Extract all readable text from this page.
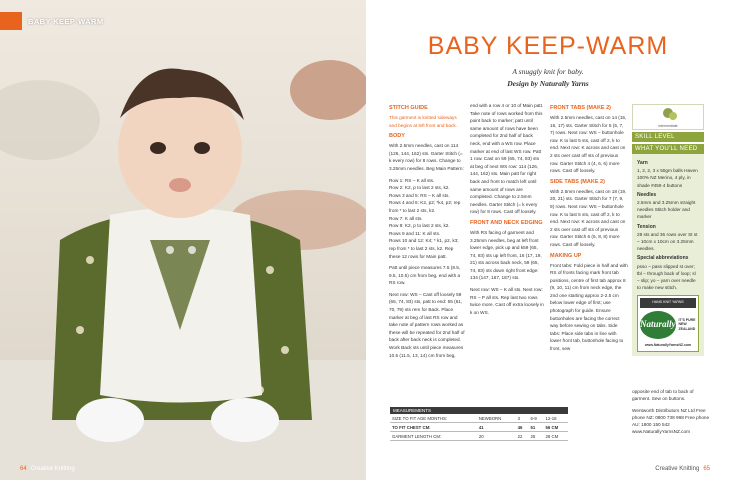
BABY KEEP-WARM
64 Creative Knitting
BABY KEEP-WARM
A snuggly knit for baby.
Design by Naturally Yarns
STITCH GUIDE

This garment is knitted sideways and begins at left front and back.

BODY

With 2.5mm needles, cast on 114 (126, 144, 162) sts. Garter Stitch (= k every row) for 8 rows. Change to 3.25mm needles. Beg Main Pattern:

Row 1: RS – K all sts.
Row 2: K2, p to last 2 sts, k2.
Rows 3 and 5: RS – K all sts.
Rows 4 and 6: K2, p2; *k4, p2; rep from * to last 2 sts, k2.
Row 7: K all sts.
Row 8: K2, p to last 2 sts, k2.
Rows 9 and 11: K all sts.

Rows 10 and 12: K4; * k1, p2, k3; rep from * to last 2 sts, k2. Rep these 12 rows for Main patt.

Patt until piece measures 7.5 (8.5, 9.5, 10.5) cm from beg, end with a RS row.

Next row: WS – Cast off loosely 59 (65, 74, 83) sts, patt to end: 55 (61, 70, 79) sts rem for Back. Place marker at beg of last RS row and take note of pattern rows worked as these will be repeated for 2nd half of back after back neck is completed. Work Back sts until piece measures 10.5 (11.5, 13, 14) cm from beg,

end with a row 4 or 10 of Main patt. Take note of rows worked from this point back to marker; patt until same amount of rows have been completed for 2nd half of back neck, end with a WS row. Place marker at end of last WS row. Patt 1 row. Cast on 59 (65, 74, 83) sts at beg of next WS row: 114 (126, 144, 162) sts. Main patt for right back and front to match left until same amount of rows are completed. Change to 2.5mm needles. Garter Stitch (= k every row) for 8 rows. Cast off loosely.

FRONT AND NECK EDGING

With RS facing of garment and 3.25mm needles, beg at left front lower edge, pick up and k59 (65, 74, 83) sts up left front, 16 (17, 19, 21) sts across back neck, 59 (65, 74, 83) sts down right front edge: 134 (147, 167, 187) sts.

Next row: WS – K all sts. Next row: RS – P all sts. Rep last two rows twice more. Cast off extra loosely in k on WS.

FRONT TABS (MAKE 2)

With 2.5mm needles, cast on 14 (15, 16, 17) sts. Garter Stitch for 5 (5, 7, 7) rows. Next row: WS – buttonhole row. K to last 5 sts, cast off 2, k to end. Next row: K across and cast on 2 sts over cast off sts of previous row. Garter Stitch 4 (4, 6, 6) more rows. Cast off loosely.

SIDE TABS (MAKE 2)

With 2.5mm needles, cast on 18 (19, 20, 21) sts. Garter Stitch for 7 (7, 9, 9) rows. Next row: WS – buttonhole row. K to last 5 sts, cast off 2, k to end. Next row: K across and cast on 2 sts over cast off sts of previous row. Garter Stitch 6 (6, 8, 8) more rows. Cast off loosely.

MAKING UP

Front tabs: Fold piece in half and with RS of fronts facing mark front tab positions, centre of first tab approx 8 (9, 10, 11) cm from neck edge, the 2nd one starting approx 2-2.5 cm below lower edge of first; use photograph for guide. Ensure buttonholes are facing the correct way before sewing on tabs. Side tabs: Place side tabs in line with lower front tab, buttonhole facing to front, sew

MEASUREMENTS
SIZE TO FIT AGE MONTHS:	NEWBORN	3	6-9	12-18
TO FIT CHEST CM:	41	46	51	56 CM
GARMENT LENGTH CM:	20	22	25	28 CM
intermediate
SKILL LEVEL
WHAT YOU'LL NEED
Yarn

1, 2, 2, 3 x 50gm balls Haven 100% NZ Merino, 4 ply, in shade #459 4 buttons

Needles

2.5mm and 3.25mm straight needles Stitch holder and marker

Tension

28 sts and 36 rows over St st – 10cm x 10cm on 3.25mm needles.

Special abbreviations

psso – pass slipped st over; tbl – through back of loop; sl – slip; yo – yarn over needle to make new stitch.

HAND KNIT YARNS
Naturally IT'S PURE NEW ZEALAND
www.NaturallyYarnsNZ.com

opposite end of tab to back of garment. Sew on buttons.

Wentworth Distributors NZ Ltd Free phone NZ: 0800 738 998 Free phone AU: 1800 150 542 www.NaturallyYarnsNZ.com

Creative Knitting 65
